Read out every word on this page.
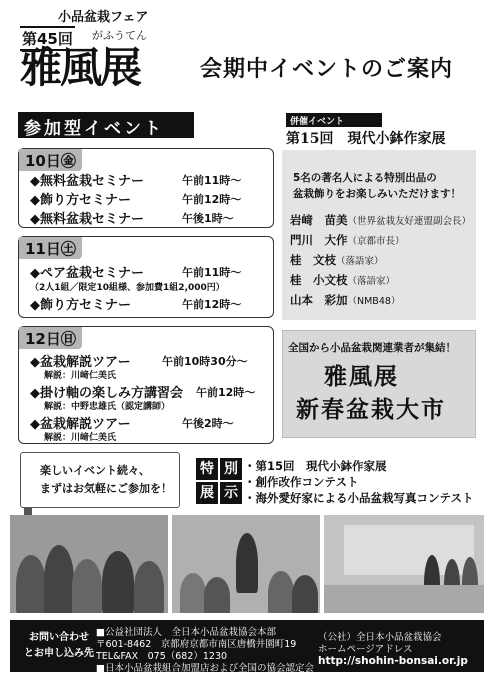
小品盆栽フェア
第45回 がふうてん
雅風展	会期中イベントのご案内
参加型イベント
10日㊎
◆無料盆栽セミナー	午前11時〜
◆飾り方セミナー	午前12時〜
◆無料盆栽セミナー	午後1時〜
11日㊏
◆ペア盆栽セミナー	午前11時〜
（2人1組／限定10組様、参加費1組2,000円）
◆飾り方セミナー	午前12時〜
12日㊐
◆盆栽解説ツアー	午前10時30分〜
解説：川﨑仁美氏
◆掛け軸の楽しみ方講習会 午前12時〜
解説：中野忠雄氏（認定講師）
◆盆栽解説ツアー	午後2時〜
解説：川﨑仁美氏
併催イベント
第15回　現代小鉢作家展
5名の著名人による特別出品の
盆栽飾りをお楽しみいただけます！
岩﨑　苗美（世界盆栽友好連盟副会長）
門川　大作（京都市長）
桂　文枝（落語家）
桂　小文枝（落語家）
山本　彩加（NMB48）
全国から小品盆栽関連業者が集結！
雅風展
新春盆栽大市
楽しいイベント続々、
まずはお気軽にご参加を！
特 別
展 示
・第15回　現代小鉢作家展
・創作改作コンテスト
・海外愛好家による小品盆栽写真コンテスト
お問い合わせ
とお申し込み先
■公益社団法人　全日本小品盆栽協会本部
〒601-8462　京都府京都市南区唐橋井園町19
TEL&FAX　075（682）1230
■日本小品盆栽組合加盟店および全国の協会認定会
（公社）全日本小品盆栽協会
ホームページアドレス
http://shohin-bonsai.or.jp
